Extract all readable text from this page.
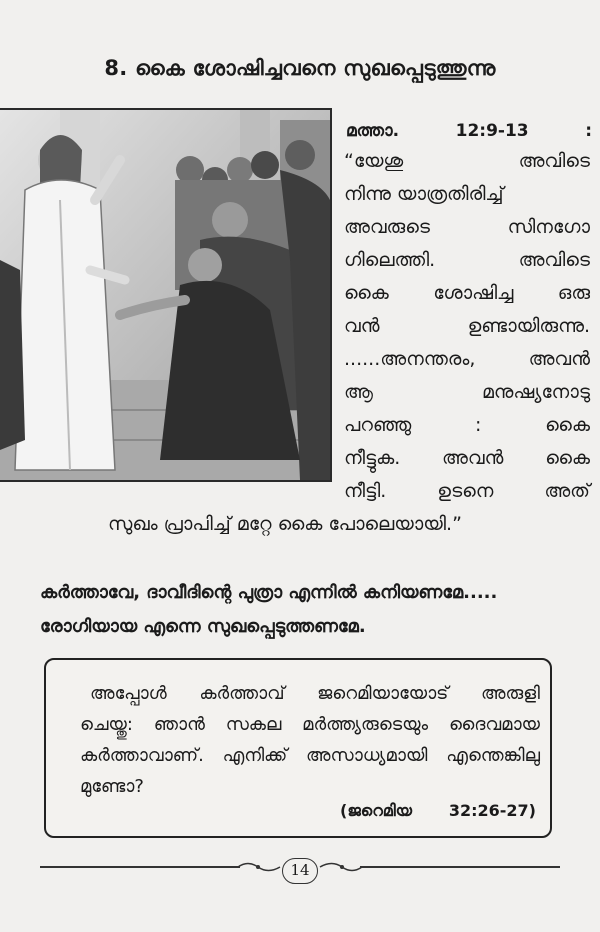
8. കൈ ശോഷിച്ചവനെ സുഖപ്പെടുത്തുന്നു
മത്താ.	12:9-13	:
“യേശു	അവിടെ
നിന്നു യാത്രതിരിച്ച്
അവരുടെ	സിനഗോ
ഗിലെത്തി.	അവിടെ
കൈ ശോഷിച്ച ഒരു
വൻ	ഉണ്ടായിരുന്നു.
......അനന്തരം,	അവൻ
ആ	മനുഷ്യനോടു
പറഞ്ഞു	:	കൈ
നീട്ടുക. അവൻ കൈ
നീട്ടി.	ഉടനെ	അത്
സുഖം പ്രാപിച്ച് മറ്റേ കൈ പോലെയായി.”
കർത്താവേ, ദാവീദിന്റെ പുത്രാ എന്നിൽ കനിയണമേ.....
രോഗിയായ എന്നെ സുഖപ്പെടുത്തണമേ.
അപ്പോൾ കർത്താവ് ജറെമിയായോട് അരുളി
ചെയ്തു: ഞാൻ സകല മർത്ത്യരുടെയും ദൈവമായ
കർത്താവാണ്. എനിക്ക് അസാധ്യമായി എന്തെങ്കിലു
മുണ്ടോ?
(ജറെമിയ 32:26-27)
14
